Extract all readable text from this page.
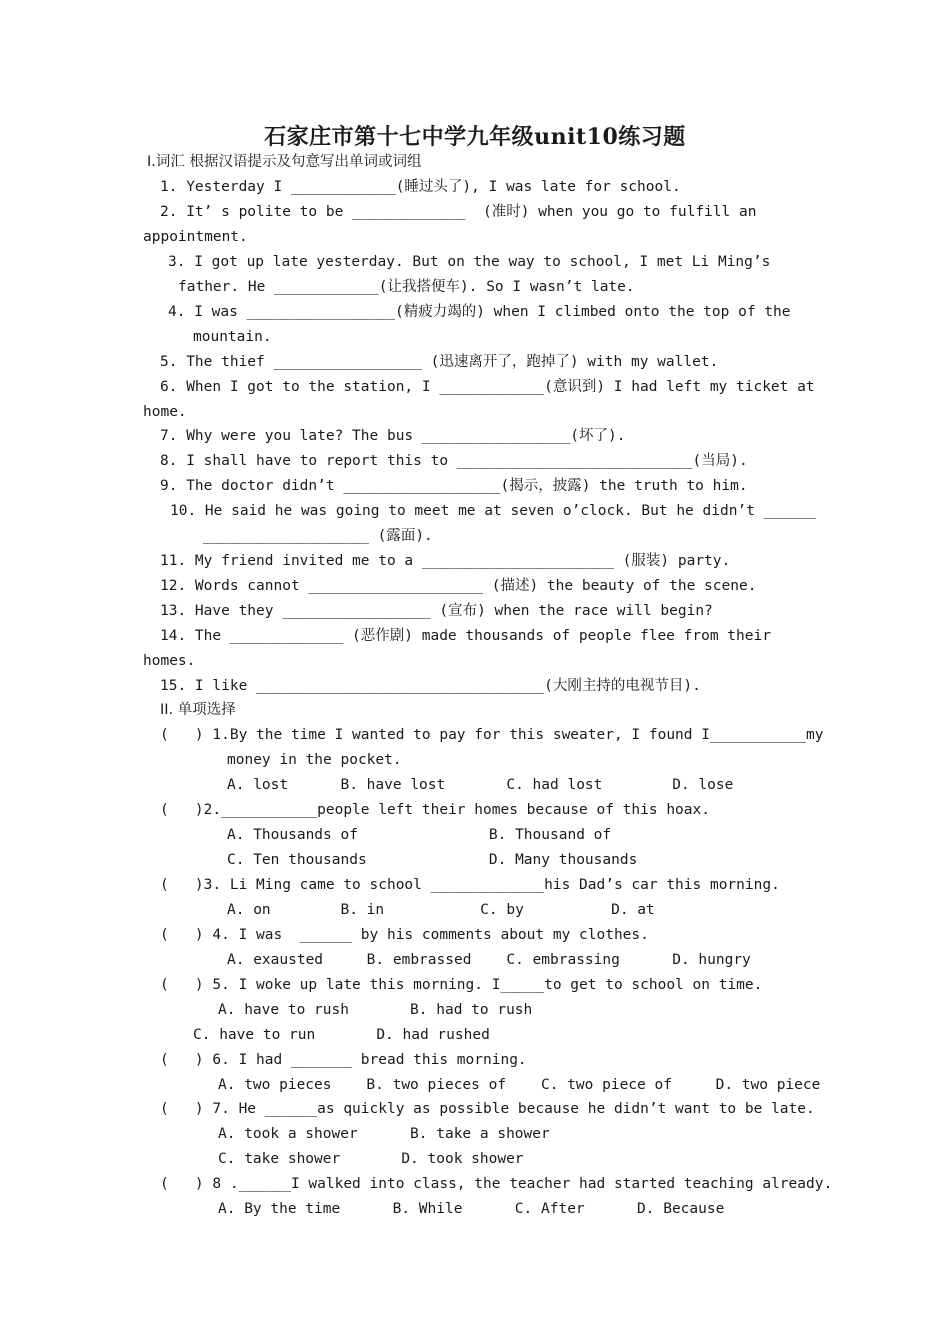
石家庄市第十七中学九年级unit10练习题
Ⅰ.词汇 根据汉语提示及句意写出单词或词组
1. Yesterday I ____________(睡过头了), I was late for school.
2. It’ s polite to be _____________  (准时) when you go to fulfill an
appointment.
3. I got up late yesterday. But on the way to school, I met Li Ming’s
father. He ____________(让我搭便车). So I wasn’t late.
4. I was _________________(精疲力竭的) when I climbed onto the top of the
mountain.
5. The thief _________________ (迅速离开了，跑掉了) with my wallet.
6. When I got to the station, I ____________(意识到) I had left my ticket at
home.
7. Why were you late? The bus _________________(坏了).
8. I shall have to report this to ___________________________(当局).
9. The doctor didn’t __________________(揭示，披露) the truth to him.
10. He said he was going to meet me at seven o’clock. But he didn’t ______
___________________ (露面).
11. My friend invited me to a ______________________ (服装) party.
12. Words cannot ____________________ (描述) the beauty of the scene.
13. Have they _________________ (宣布) when the race will begin?
14. The _____________ (恶作剧) made thousands of people flee from their
homes.
15. I like _________________________________(大刚主持的电视节目).
II. 单项选择
(   ) 1.By the time I wanted to pay for this sweater, I found I___________my
money in the pocket.
A. lost      B. have lost       C. had lost        D. lose
(   )2.___________people left their homes because of this hoax.
A. Thousands of               B. Thousand of
C. Ten thousands              D. Many thousands
(   )3. Li Ming came to school _____________his Dad’s car this morning.
A. on        B. in           C. by          D. at
(   ) 4. I was  ______ by his comments about my clothes.
A. exausted     B. embrassed    C. embrassing      D. hungry
(   ) 5. I woke up late this morning. I_____to get to school on time.
A. have to rush       B. had to rush
C. have to run       D. had rushed
(   ) 6. I had _______ bread this morning.
A. two pieces    B. two pieces of    C. two piece of     D. two piece
(   ) 7. He ______as quickly as possible because he didn’t want to be late.
A. took a shower      B. take a shower
C. take shower       D. took shower
(   ) 8 .______I walked into class, the teacher had started teaching already.
A. By the time      B. While      C. After      D. Because
